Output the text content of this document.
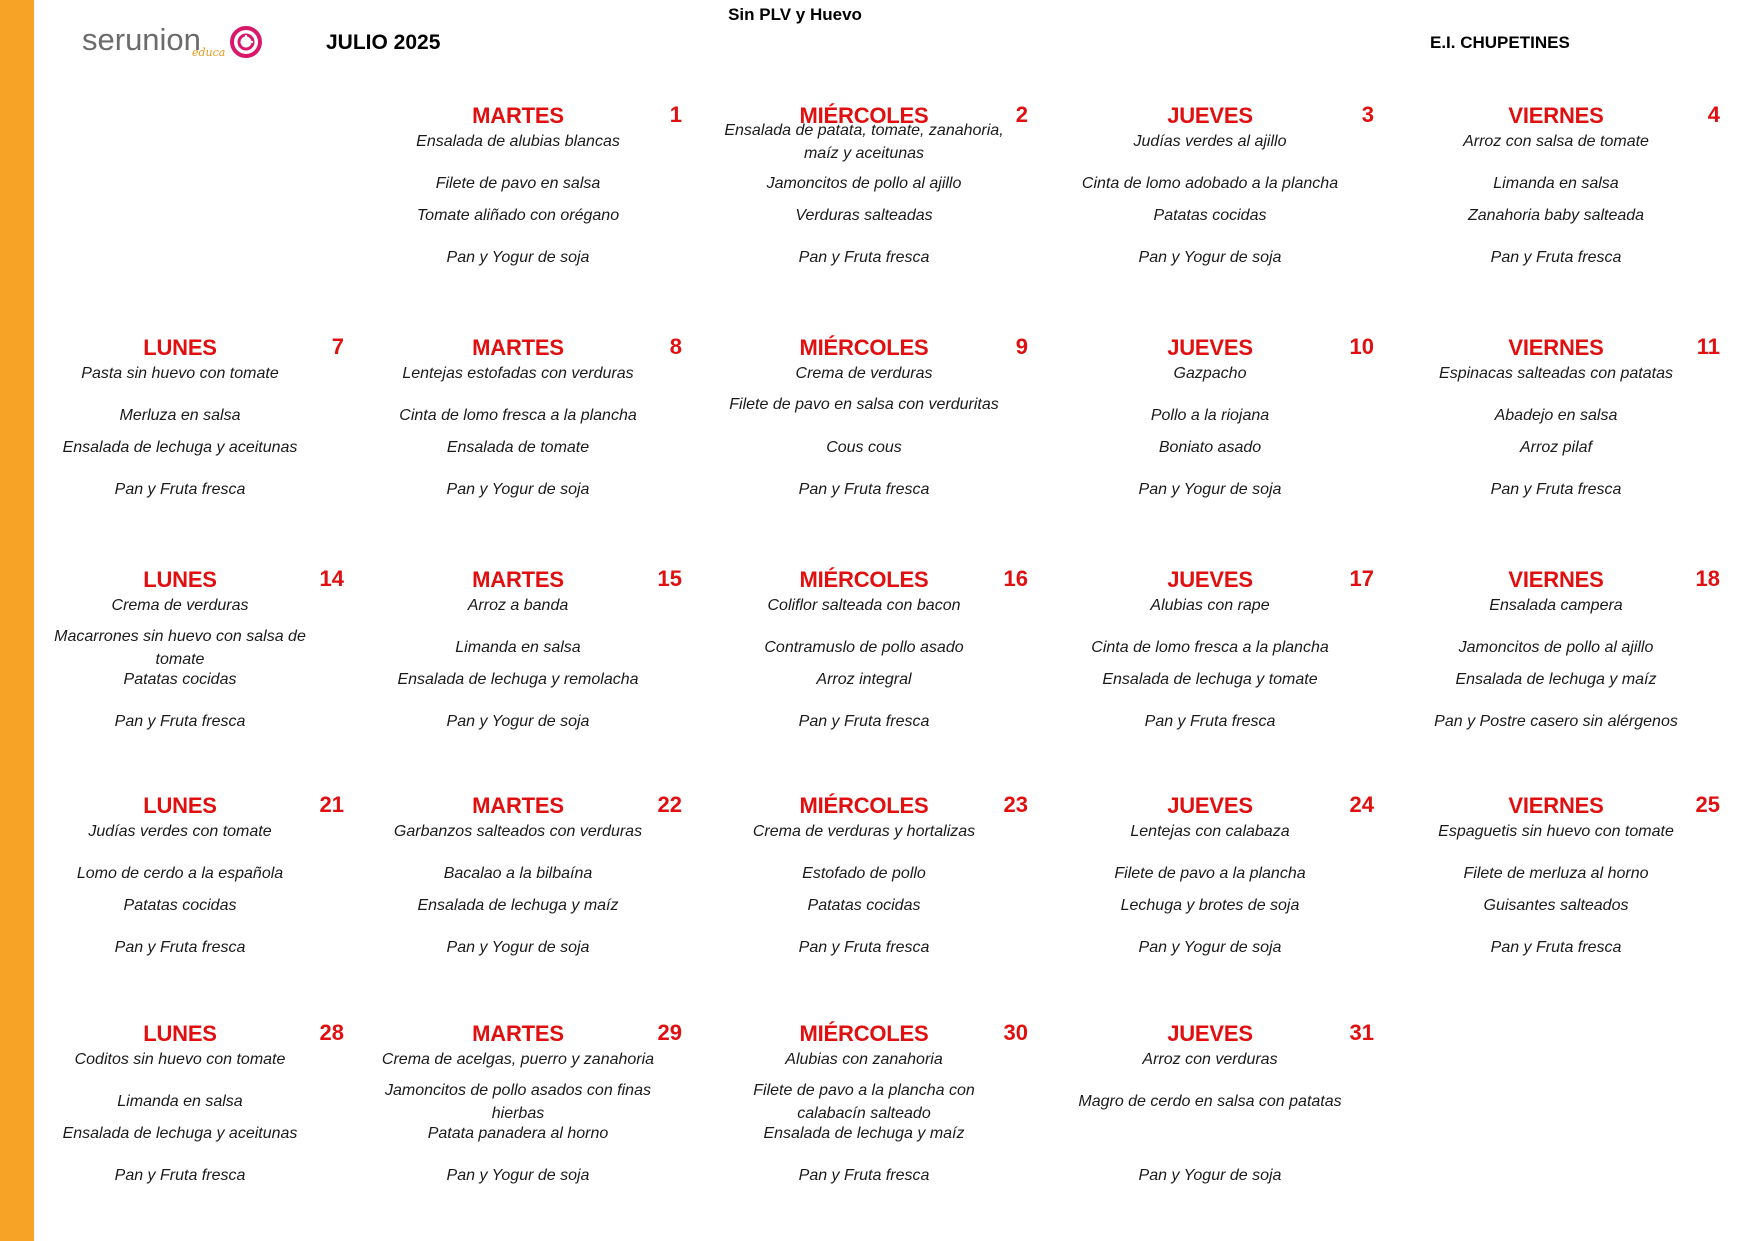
serunion
educa	JULIO 2025
Sin PLV y Huevo
E.I. CHUPETINES
MARTES	1
Ensalada de alubias blancas
Filete de pavo en salsa
Tomate aliñado con orégano
Pan y Yogur de soja
MIÉRCOLES	2
Ensalada de patata, tomate, zanahoria, maíz y aceitunas
Jamoncitos de pollo al ajillo
Verduras salteadas
Pan y Fruta fresca
JUEVES	3
Judías verdes al ajillo
Cinta de lomo adobado a la plancha
Patatas cocidas
Pan y Yogur de soja
VIERNES	4
Arroz con salsa de tomate
Limanda en salsa
Zanahoria baby salteada
Pan y Fruta fresca
LUNES	7
Pasta sin huevo con tomate
Merluza en salsa
Ensalada de lechuga y aceitunas
Pan y Fruta fresca
MARTES	8
Lentejas estofadas con verduras
Cinta de lomo fresca a la plancha
Ensalada de tomate
Pan y Yogur de soja
MIÉRCOLES	9
Crema de verduras
Filete de pavo en salsa con verduritas
Cous cous
Pan y Fruta fresca
JUEVES	10
Gazpacho
Pollo a la riojana
Boniato asado
Pan y Yogur de soja
VIERNES	11
Espinacas salteadas con patatas
Abadejo en salsa
Arroz pilaf
Pan y Fruta fresca
LUNES	14
Crema de verduras
Macarrones sin huevo con salsa de tomate
Patatas cocidas
Pan y Fruta fresca
MARTES	15
Arroz a banda
Limanda en salsa
Ensalada de lechuga y remolacha
Pan y Yogur de soja
MIÉRCOLES	16
Coliflor salteada con bacon
Contramuslo de pollo asado
Arroz integral
Pan y Fruta fresca
JUEVES	17
Alubias con rape
Cinta de lomo fresca a la plancha
Ensalada de lechuga y tomate
Pan y Fruta fresca
VIERNES	18
Ensalada campera
Jamoncitos de pollo al ajillo
Ensalada de lechuga y maíz
Pan y Postre casero sin alérgenos
LUNES	21
Judías verdes con tomate
Lomo de cerdo a la española
Patatas cocidas
Pan y Fruta fresca
MARTES	22
Garbanzos salteados con verduras
Bacalao a la bilbaína
Ensalada de lechuga y maíz
Pan y Yogur de soja
MIÉRCOLES	23
Crema de verduras y hortalizas
Estofado de pollo
Patatas cocidas
Pan y Fruta fresca
JUEVES	24
Lentejas con calabaza
Filete de pavo a la plancha
Lechuga y brotes de soja
Pan y Yogur de soja
VIERNES	25
Espaguetis sin huevo con tomate
Filete de merluza al horno
Guisantes salteados
Pan y Fruta fresca
LUNES	28
Coditos sin huevo con tomate
Limanda en salsa
Ensalada de lechuga y aceitunas
Pan y Fruta fresca
MARTES	29
Crema de acelgas, puerro y zanahoria
Jamoncitos de pollo asados con finas hierbas
Patata panadera al horno
Pan y Yogur de soja
MIÉRCOLES	30
Alubias con zanahoria
Filete de pavo a la plancha con calabacín salteado
Ensalada de lechuga y maíz
Pan y Fruta fresca
JUEVES	31
Arroz con verduras
Magro de cerdo en salsa con patatas
Pan y Yogur de soja
